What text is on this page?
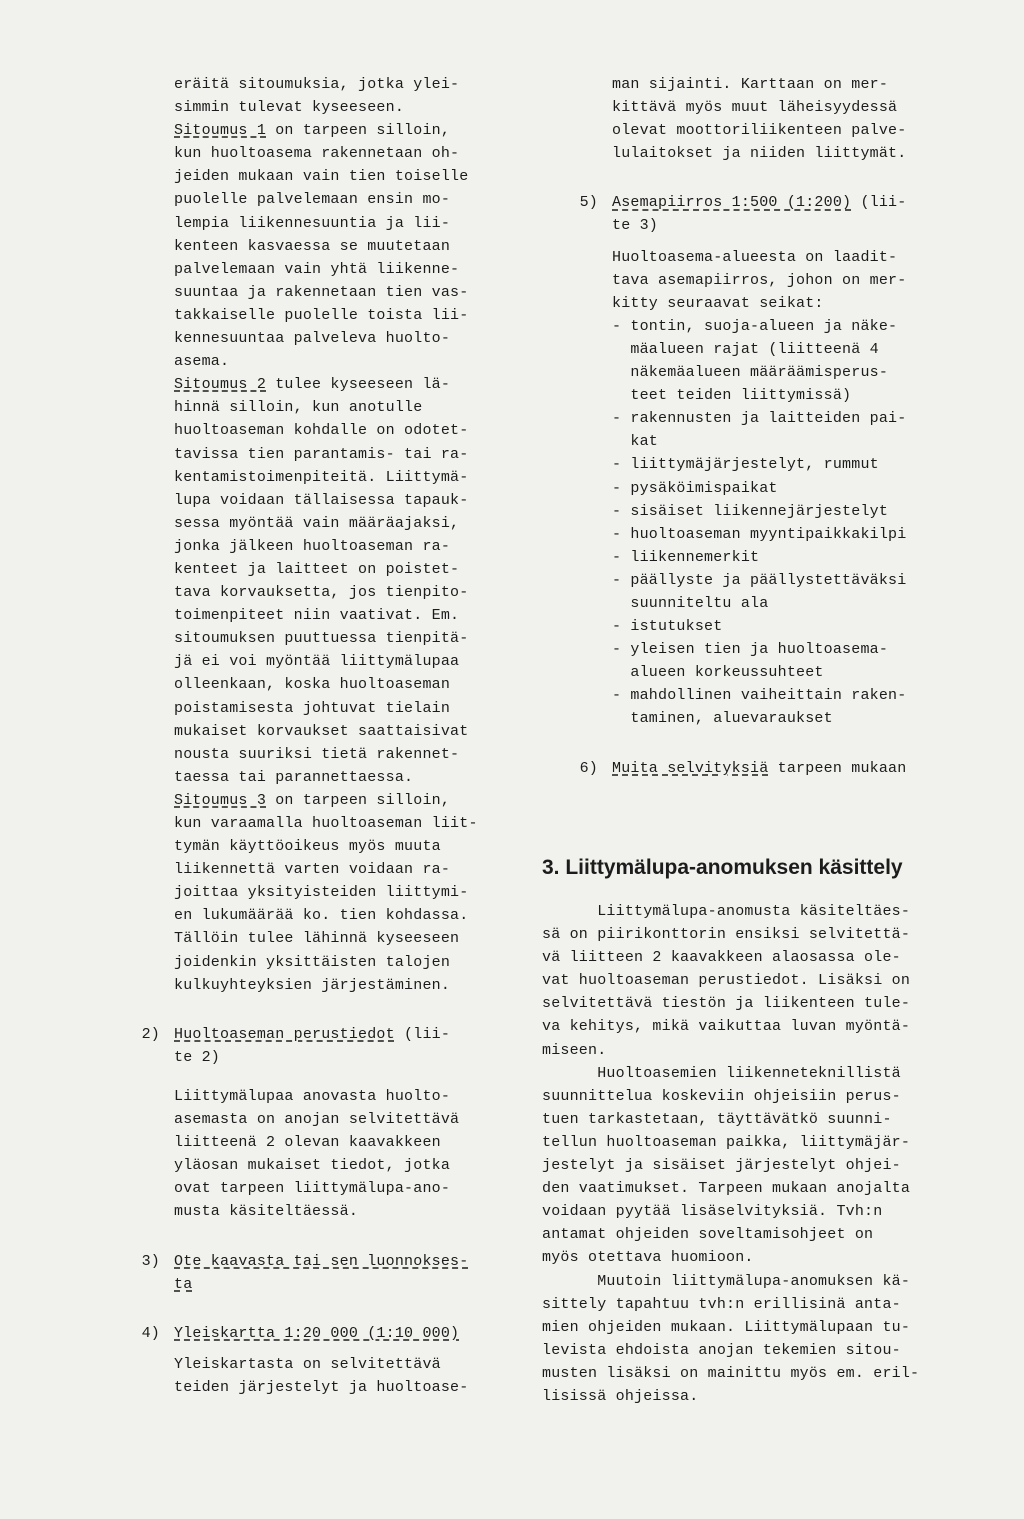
eräitä sitoumuksia, jotka ylei-
simmin tulevat kyseeseen.
Sitoumus 1 on tarpeen silloin,
kun huoltoasema rakennetaan oh-
jeiden mukaan vain tien toiselle
puolelle palvelemaan ensin mo-
lempia liikennesuuntia ja lii-
kenteen kasvaessa se muutetaan
palvelemaan vain yhtä liikenne-
suuntaa ja rakennetaan tien vas-
takkaiselle puolelle toista lii-
kennesuuntaa palveleva huolto-
asema.
Sitoumus 2 tulee kyseeseen lä-
hinnä silloin, kun anotulle
huoltoaseman kohdalle on odotet-
tavissa tien parantamis- tai ra-
kentamistoimenpiteitä. Liittymä-
lupa voidaan tällaisessa tapauk-
sessa myöntää vain määräajaksi,
jonka jälkeen huoltoaseman ra-
kenteet ja laitteet on poistet-
tava korvauksetta, jos tienpito-
toimenpiteet niin vaativat. Em.
sitoumuksen puuttuessa tienpitä-
jä ei voi myöntää liittymälupaa
olleenkaan, koska huoltoaseman
poistamisesta johtuvat tielain
mukaiset korvaukset saattaisivat
nousta suuriksi tietä rakennet-
taessa tai parannettaessa.
Sitoumus 3 on tarpeen silloin,
kun varaamalla huoltoaseman liit-
tymän käyttöoikeus myös muuta
liikennettä varten voidaan ra-
joittaa yksityisteiden liittymi-
en lukumäärää ko. tien kohdassa.
Tällöin tulee lähinnä kyseeseen
joidenkin yksittäisten talojen
kulkuyhteyksien järjestäminen.
2) Huoltoaseman perustiedot (lii-
te 2)
Liittymälupaa anovasta huolto-
asemasta on anojan selvitettävä
liitteenä 2 olevan kaavakkeen
yläosan mukaiset tiedot, jotka
ovat tarpeen liittymälupa-ano-
musta käsiteltäessä.
3) Ote kaavasta tai sen luonnokses-
ta
4) Yleiskartta 1:20 000 (1:10 000)
Yleiskartasta on selvitettävä
teiden järjestelyt ja huoltoase-
man sijainti. Karttaan on mer-
kittävä myös muut läheisyydessä
olevat moottoriliikenteen palve-
lulaitokset ja niiden liittymät.
5) Asemapiirros 1:500 (1:200) (lii-
te 3)
Huoltoasema-alueesta on laadit-
tava asemapiirros, johon on mer-
kitty seuraavat seikat:
- tontin, suoja-alueen ja näke-
mäalueen rajat (liitteenä 4
näkemäalueen määräämisperus-
teet teiden liittymissä)
- rakennusten ja laitteiden pai-
kat
- liittymäjärjestelyt, rummut
- pysäköimispaikat
- sisäiset liikennejärjestelyt
- huoltoaseman myyntipaikkakilpi
- liikennemerkit
- päällyste ja päällystettäväksi
suunniteltu ala
- istutukset
- yleisen tien ja huoltoasema-
alueen korkeussuhteet
- mahdollinen vaiheittain raken-
taminen, aluevaraukset
6) Muita selvityksiä tarpeen mukaan
3. Liittymälupa-anomuksen käsittely
Liittymälupa-anomusta käsiteltäes-
sä on piirikonttorin ensiksi selvitettä-
vä liitteen 2 kaavakkeen alaosassa ole-
vat huoltoaseman perustiedot. Lisäksi on
selvitettävä tiestön ja liikenteen tule-
va kehitys, mikä vaikuttaa luvan myöntä-
miseen.
Huoltoasemien liikenneteknillistä
suunnittelua koskeviin ohjeisiin perus-
tuen tarkastetaan, täyttävätkö suunni-
tellun huoltoaseman paikka, liittymäjär-
jestelyt ja sisäiset järjestelyt ohjei-
den vaatimukset. Tarpeen mukaan anojalta
voidaan pyytää lisäselvityksiä. Tvh:n
antamat ohjeiden soveltamisohjeet on
myös otettava huomioon.
Muutoin liittymälupa-anomuksen kä-
sittely tapahtuu tvh:n erillisinä anta-
mien ohjeiden mukaan. Liittymälupaan tu-
levista ehdoista anojan tekemien sitou-
musten lisäksi on mainittu myös em. eril-
lisissä ohjeissa.
